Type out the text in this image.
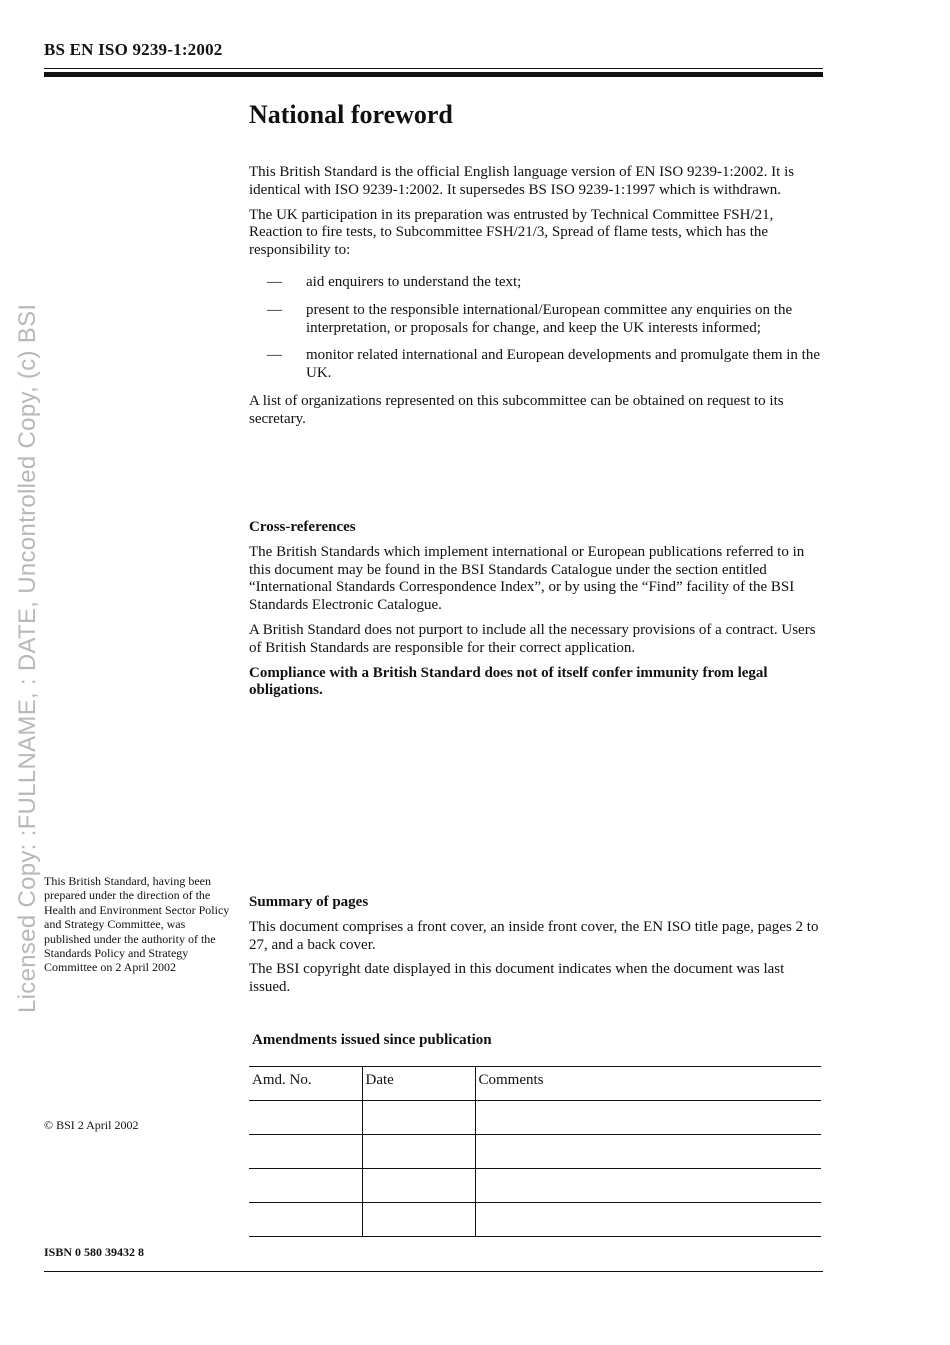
BS EN ISO 9239-1:2002
Licensed Copy: :FULLNAME, : DATE, Uncontrolled Copy, (c) BSI
National foreword

This British Standard is the official English language version of EN ISO 9239-1:2002. It is identical with ISO 9239-1:2002. It supersedes BS ISO 9239-1:1997 which is withdrawn.

The UK participation in its preparation was entrusted by Technical Committee FSH/21, Reaction to fire tests, to Subcommittee FSH/21/3, Spread of flame tests, which has the responsibility to:

— aid enquirers to understand the text;
— present to the responsible international/European committee any enquiries on the interpretation, or proposals for change, and keep the UK interests informed;
— monitor related international and European developments and promulgate them in the UK.

A list of organizations represented on this subcommittee can be obtained on request to its secretary.

Cross-references

The British Standards which implement international or European publications referred to in this document may be found in the BSI Standards Catalogue under the section entitled “International Standards Correspondence Index”, or by using the “Find” facility of the BSI Standards Electronic Catalogue.

A British Standard does not purport to include all the necessary provisions of a contract. Users of British Standards are responsible for their correct application.

Compliance with a British Standard does not of itself confer immunity from legal obligations.

This British Standard, having been prepared under the direction of the Health and Environment Sector Policy and Strategy Committee, was published under the authority of the Standards Policy and Strategy Committee on 2 April 2002

Summary of pages

This document comprises a front cover, an inside front cover, the EN ISO title page, pages 2 to 27, and a back cover.

The BSI copyright date displayed in this document indicates when the document was last issued.

Amendments issued since publication
Amd. No.	Date	Comments

© BSI 2 April 2002
ISBN 0 580 39432 8
